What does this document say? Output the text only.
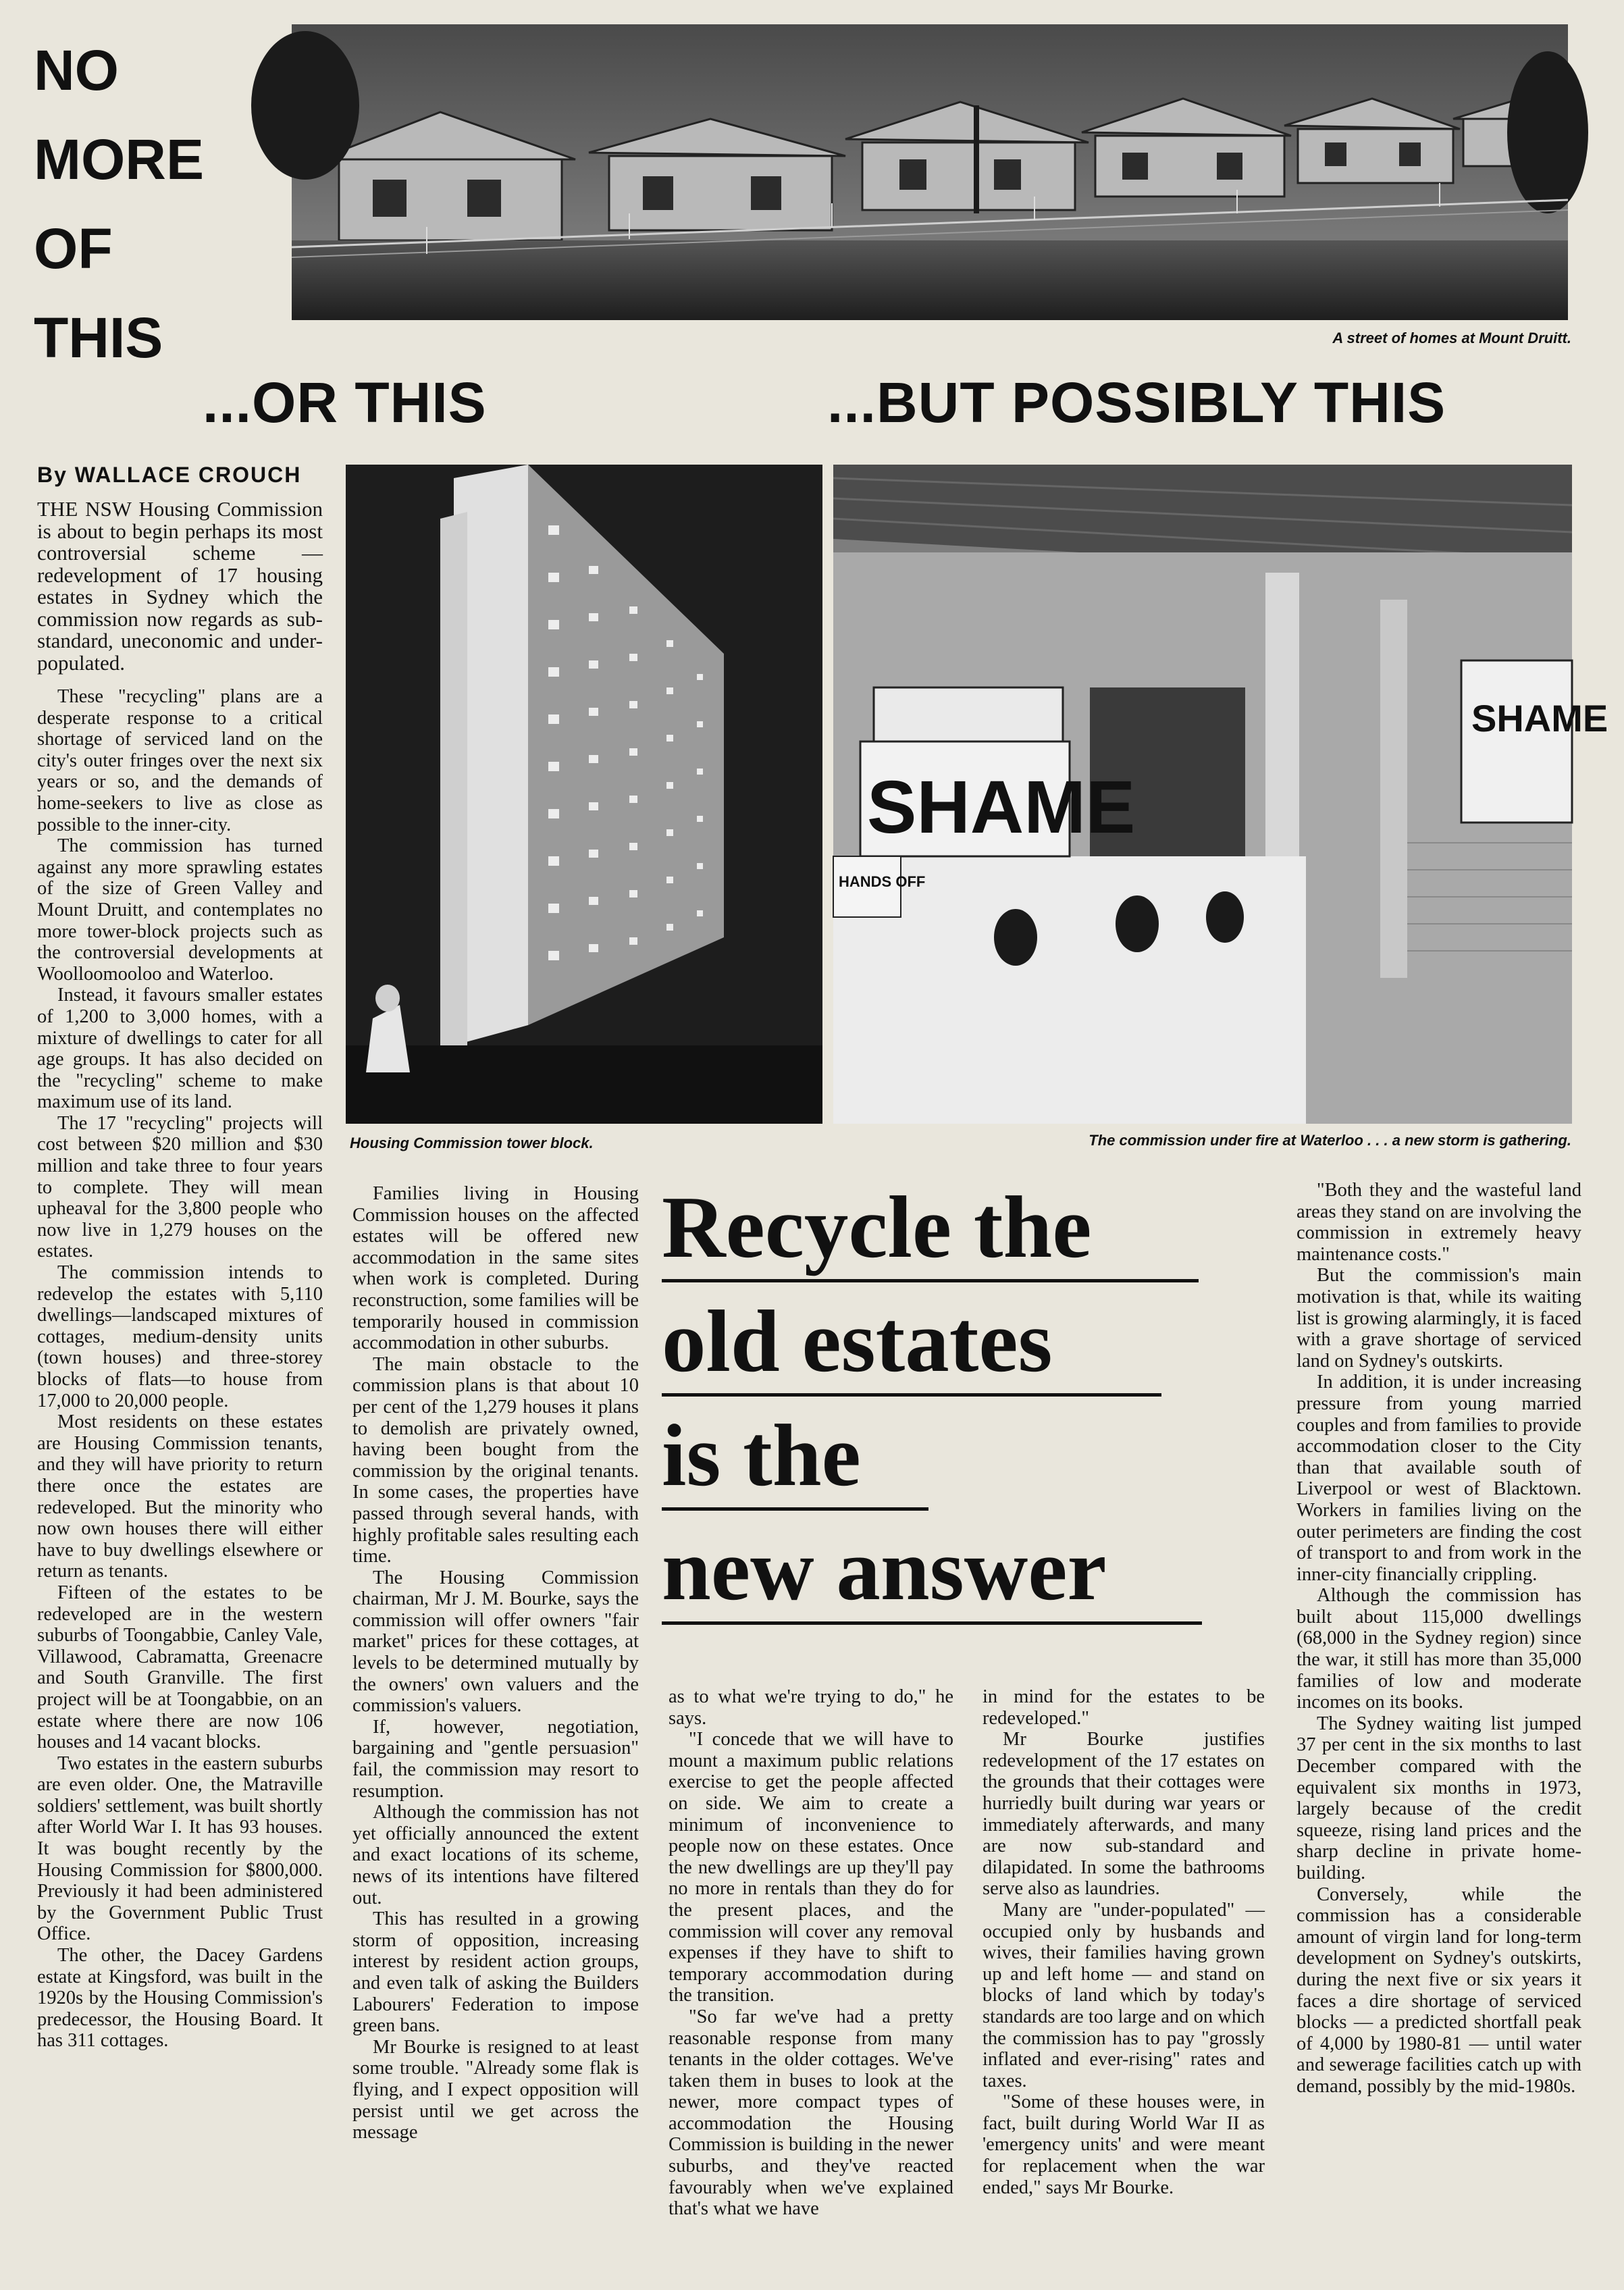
NO
MORE
OF
THIS	A street of homes at Mount Druitt.
...OR THIS	...BUT POSSIBLY THIS
By WALLACE CROUCH
Housing Commission tower block.
SHAME
HANDS OFF
SHAME
The commission under fire at Waterloo . . . a new storm is gathering.
Recycle the
old estates
is the
new answer

THE NSW Housing Commission is about to begin perhaps its most controversial scheme — redevelopment of 17 housing estates in Sydney which the commission now regards as sub-standard, uneconomic and under-populated.

These "recycling" plans are a desperate response to a critical shortage of serviced land on the city's outer fringes over the next six years or so, and the demands of home-seekers to live as close as possible to the inner-city.

The commission has turned against any more sprawling estates of the size of Green Valley and Mount Druitt, and contemplates no more tower-block projects such as the controversial developments at Woolloomooloo and Waterloo.

Instead, it favours smaller estates of 1,200 to 3,000 homes, with a mixture of dwellings to cater for all age groups. It has also decided on the "recycling" scheme to make maximum use of its land.

The 17 "recycling" projects will cost between $20 million and $30 million and take three to four years to complete. They will mean upheaval for the 3,800 people who now live in 1,279 houses on the estates.

The commission intends to redevelop the estates with 5,110 dwellings—landscaped mixtures of cottages, medium-density units (town houses) and three-storey blocks of flats—to house from 17,000 to 20,000 people.

Most residents on these estates are Housing Commission tenants, and they will have priority to return there once the estates are redeveloped. But the minority who now own houses there will either have to buy dwellings elsewhere or return as tenants.

Fifteen of the estates to be redeveloped are in the western suburbs of Toongabbie, Canley Vale, Villawood, Cabramatta, Greenacre and South Granville. The first project will be at Toongabbie, on an estate where there are now 106 houses and 14 vacant blocks.

Two estates in the eastern suburbs are even older. One, the Matraville soldiers' settlement, was built shortly after World War I. It has 93 houses. It was bought recently by the Housing Commission for $800,000. Previously it had been administered by the Government Public Trust Office.

The other, the Dacey Gardens estate at Kingsford, was built in the 1920s by the Housing Commission's predecessor, the Housing Board. It has 311 cottages.

Families living in Housing Commission houses on the affected estates will be offered new accommodation in the same sites when work is completed. During reconstruction, some families will be temporarily housed in commission accommodation in other suburbs.

The main obstacle to the commission plans is that about 10 per cent of the 1,279 houses it plans to demolish are privately owned, having been bought from the commission by the original tenants. In some cases, the properties have passed through several hands, with highly profitable sales resulting each time.

The Housing Commission chairman, Mr J. M. Bourke, says the commission will offer owners "fair market" prices for these cottages, at levels to be determined mutually by the owners' own valuers and the commission's valuers.

If, however, negotiation, bargaining and "gentle persuasion" fail, the commission may resort to resumption.

Although the commission has not yet officially announced the extent and exact locations of its scheme, news of its intentions have filtered out.

This has resulted in a growing storm of opposition, increasing interest by resident action groups, and even talk of asking the Builders Labourers' Federation to impose green bans.

Mr Bourke is resigned to at least some trouble. "Already some flak is flying, and I expect opposition will persist until we get across the message

as to what we're trying to do," he says.

"I concede that we will have to mount a maximum public relations exercise to get the people affected on side. We aim to create a minimum of inconvenience to people now on these estates. Once the new dwellings are up they'll pay no more in rentals than they do for the present places, and the commission will cover any removal expenses if they have to shift to temporary accommodation during the transition.

"So far we've had a pretty reasonable response from many tenants in the older cottages. We've taken them in buses to look at the newer, more compact types of accommodation the Housing Commission is building in the newer suburbs, and they've reacted favourably when we've explained that's what we have

in mind for the estates to be redeveloped."

Mr Bourke justifies redevelopment of the 17 estates on the grounds that their cottages were hurriedly built during war years or immediately afterwards, and many are now sub-standard and dilapidated. In some the bathrooms serve also as laundries.

Many are "under-populated" — occupied only by husbands and wives, their families having grown up and left home — and stand on blocks of land which by today's standards are too large and on which the commission has to pay "grossly inflated and ever-rising" rates and taxes.

"Some of these houses were, in fact, built during World War II as 'emergency units' and were meant for replacement when the war ended," says Mr Bourke.

"Both they and the wasteful land areas they stand on are involving the commission in extremely heavy maintenance costs."

But the commission's main motivation is that, while its waiting list is growing alarmingly, it is faced with a grave shortage of serviced land on Sydney's outskirts.

In addition, it is under increasing pressure from young married couples and from families to provide accommodation closer to the City than that available south of Liverpool or west of Blacktown. Workers in families living on the outer perimeters are finding the cost of transport to and from work in the inner-city financially crippling.

Although the commission has built about 115,000 dwellings (68,000 in the Sydney region) since the war, it still has more than 35,000 families of low and moderate incomes on its books.

The Sydney waiting list jumped 37 per cent in the six months to last December compared with the equivalent six months in 1973, largely because of the credit squeeze, rising land prices and the sharp decline in private home-building.

Conversely, while the commission has a considerable amount of virgin land for long-term development on Sydney's outskirts, during the next five or six years it faces a dire shortage of serviced blocks — a predicted shortfall peak of 4,000 by 1980-81 — until water and sewerage facilities catch up with demand, possibly by the mid-1980s.
